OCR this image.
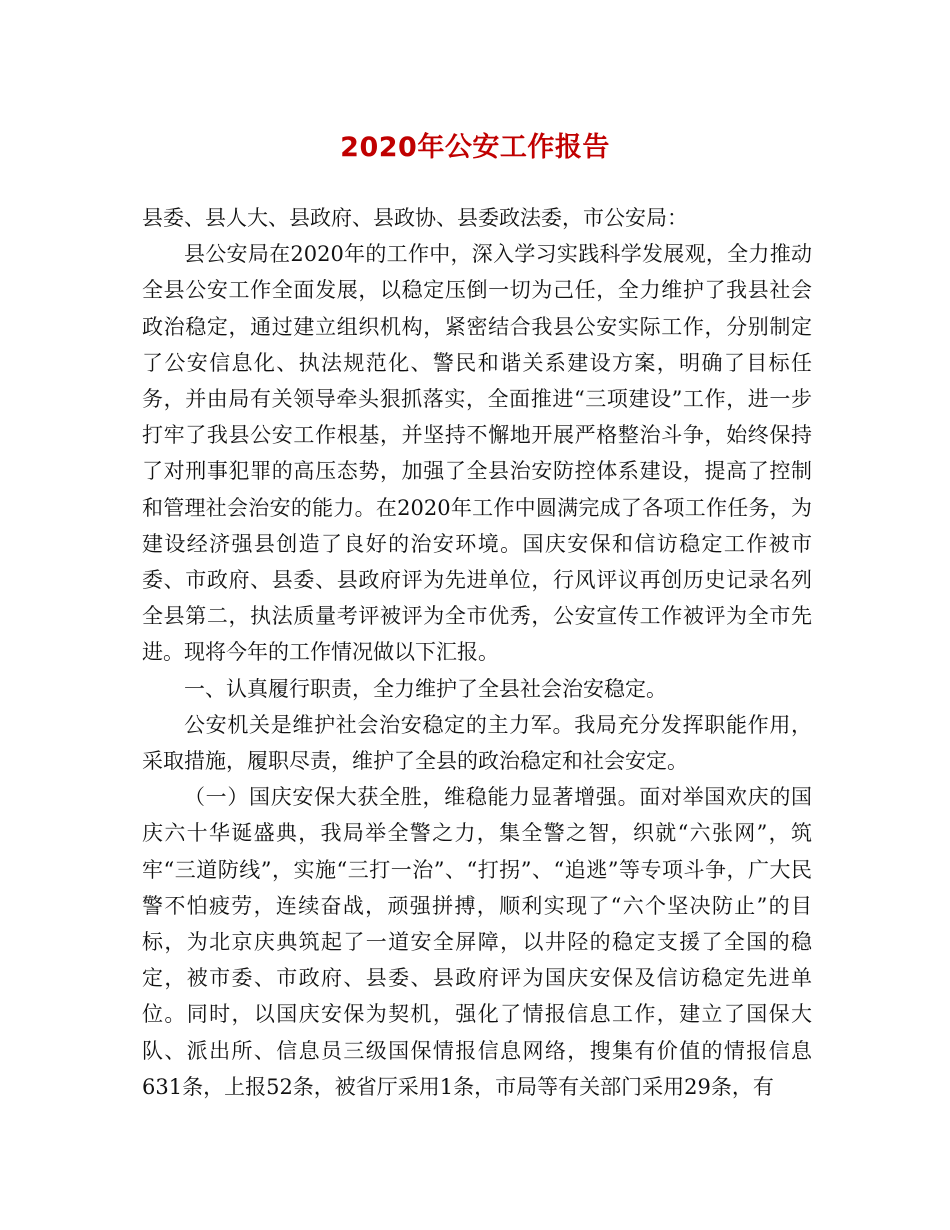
2020年公安工作报告

县委、县人大、县政府、县政协、县委政法委，市公安局：

县公安局在2020年的工作中，深入学习实践科学发展观，全力推动全县公安工作全面发展，以稳定压倒一切为己任，全力维护了我县社会政治稳定，通过建立组织机构，紧密结合我县公安实际工作，分别制定了公安信息化、执法规范化、警民和谐关系建设方案，明确了目标任务，并由局有关领导牵头狠抓落实，全面推进“三项建设”工作，进一步打牢了我县公安工作根基，并坚持不懈地开展严格整治斗争，始终保持了对刑事犯罪的高压态势，加强了全县治安防控体系建设，提高了控制和管理社会治安的能力。在2020年工作中圆满完成了各项工作任务，为建设经济强县创造了良好的治安环境。国庆安保和信访稳定工作被市委、市政府、县委、县政府评为先进单位，行风评议再创历史记录名列全县第二，执法质量考评被评为全市优秀，公安宣传工作被评为全市先进。现将今年的工作情况做以下汇报。

一、认真履行职责，全力维护了全县社会治安稳定。

公安机关是维护社会治安稳定的主力军。我局充分发挥职能作用，采取措施，履职尽责，维护了全县的政治稳定和社会安定。

（一）国庆安保大获全胜，维稳能力显著增强。面对举国欢庆的国庆六十华诞盛典，我局举全警之力，集全警之智，织就“六张网”，筑牢“三道防线”，实施“三打一治”、“打拐”、“追逃”等专项斗争，广大民警不怕疲劳，连续奋战，顽强拼搏，顺利实现了“六个坚决防止”的目标，为北京庆典筑起了一道安全屏障，以井陉的稳定支援了全国的稳定，被市委、市政府、县委、县政府评为国庆安保及信访稳定先进单位。同时，以国庆安保为契机，强化了情报信息工作，建立了国保大队、派出所、信息员三级国保情报信息网络，搜集有价值的情报信息631条，上报52条，被省厅采用1条，市局等有关部门采用29条，有
